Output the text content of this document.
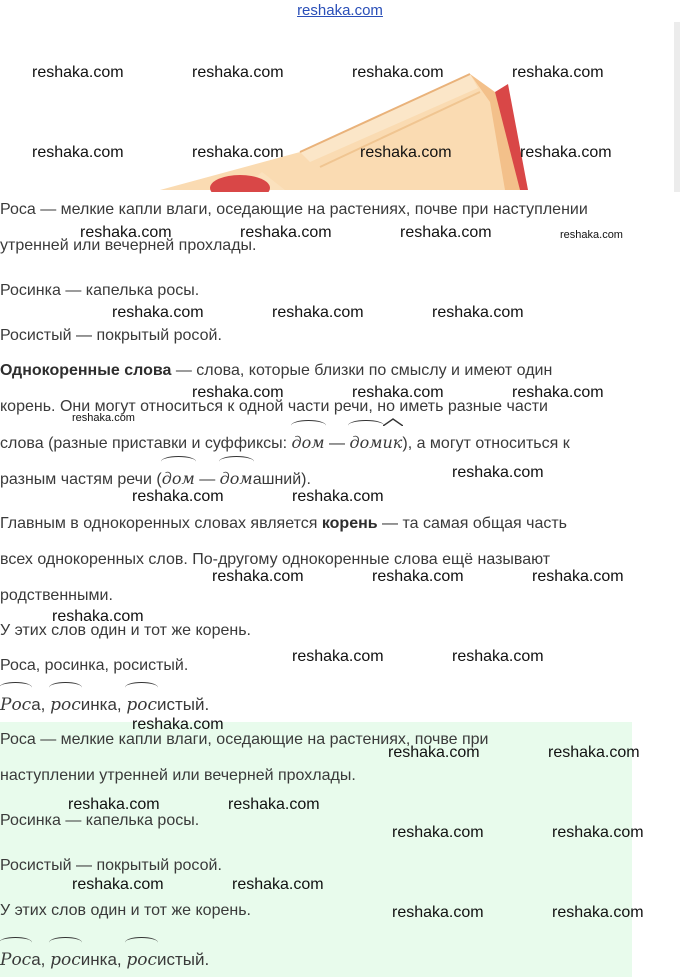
reshaka.com
Роса — мелкие капли влаги, оседающие на растениях, почве при наступлении
утренней или вечерней прохлады.
Росинка — капелька росы.
Росистый — покрытый росой.
Однокоренные слова — слова, которые близки по смыслу и имеют один
корень. Они могут относиться к одной части речи, но иметь разные части
слова (разные приставки и суффиксы: дом — дом
ик), а могут относиться к
разным частям речи (дом — домашний).
Главным в однокоренных словах является корень — та самая общая часть
всех однокоренных слов. По-другому однокоренные слова ещё называют
родственными.
У этих слов один и тот же корень.
Роса, росинка, росистый.
Роса, росинка, росистый.
Роса — мелкие капли влаги, оседающие на растениях, почве при
наступлении утренней или вечерней прохлады.
Росинка — капелька росы.
Росистый — покрытый росой.
У этих слов один и тот же корень.
Роса, росинка, росистый.
reshaka.com	reshaka.com	reshaka.com	reshaka.com
reshaka.com	reshaka.com	reshaka.com	reshaka.com
reshaka.com	reshaka.com	reshaka.com	reshaka.com
reshaka.com	reshaka.com	reshaka.com
reshaka.com	reshaka.com	reshaka.com
reshaka.com
reshaka.com
reshaka.com	reshaka.com
reshaka.com	reshaka.com	reshaka.com
reshaka.com
reshaka.com	reshaka.com
reshaka.com
reshaka.com	reshaka.com
reshaka.com	reshaka.com
reshaka.com	reshaka.com
reshaka.com	reshaka.com
reshaka.com	reshaka.com
